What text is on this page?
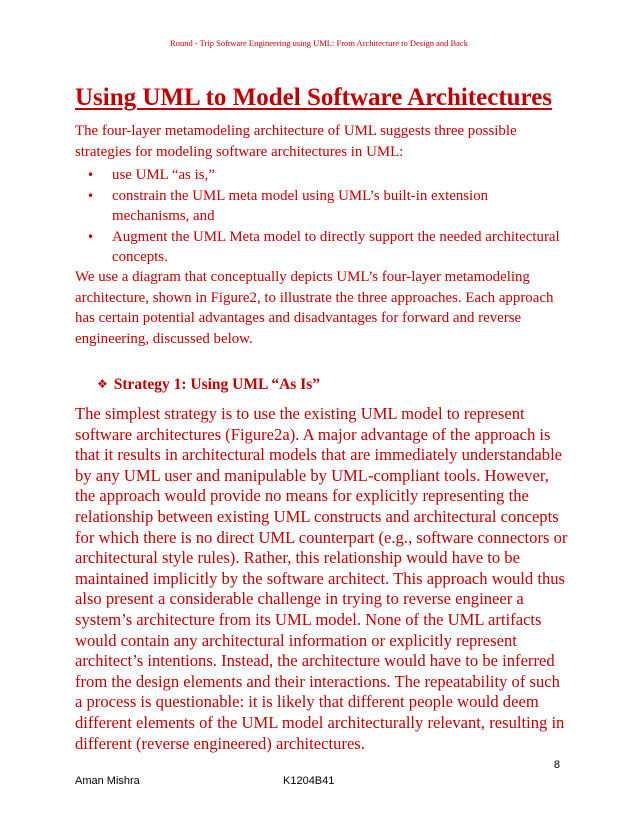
Round - Trip Software Engineering using UML: From Architecture to Design and Back
Using UML to Model Software Architectures

The four-layer metamodeling architecture of UML suggests three possible strategies for modeling software architectures in UML:

• use UML “as is,”
• constrain the UML meta model using UML’s built-in extension mechanisms, and
• Augment the UML Meta model to directly support the needed architectural concepts.

We use a diagram that conceptually depicts UML’s four-layer metamodeling architecture, shown in Figure2, to illustrate the three approaches. Each approach has certain potential advantages and disadvantages for forward and reverse engineering, discussed below.

❖ Strategy 1: Using UML “As Is”

The simplest strategy is to use the existing UML model to represent software architectures (Figure2a). A major advantage of the approach is that it results in architectural models that are immediately understandable by any UML user and manipulable by UML-compliant tools. However, the approach would provide no means for explicitly representing the relationship between existing UML constructs and architectural concepts for which there is no direct UML counterpart (e.g., software connectors or architectural style rules). Rather, this relationship would have to be maintained implicitly by the software architect. This approach would thus also present a considerable challenge in trying to reverse engineer a system’s architecture from its UML model. None of the UML artifacts would contain any architectural information or explicitly represent architect’s intentions. Instead, the architecture would have to be inferred from the design elements and their interactions. The repeatability of such a process is questionable: it is likely that different people would deem different elements of the UML model architecturally relevant, resulting in different (reverse engineered) architectures.

8
Aman Mishra	K1204B41
